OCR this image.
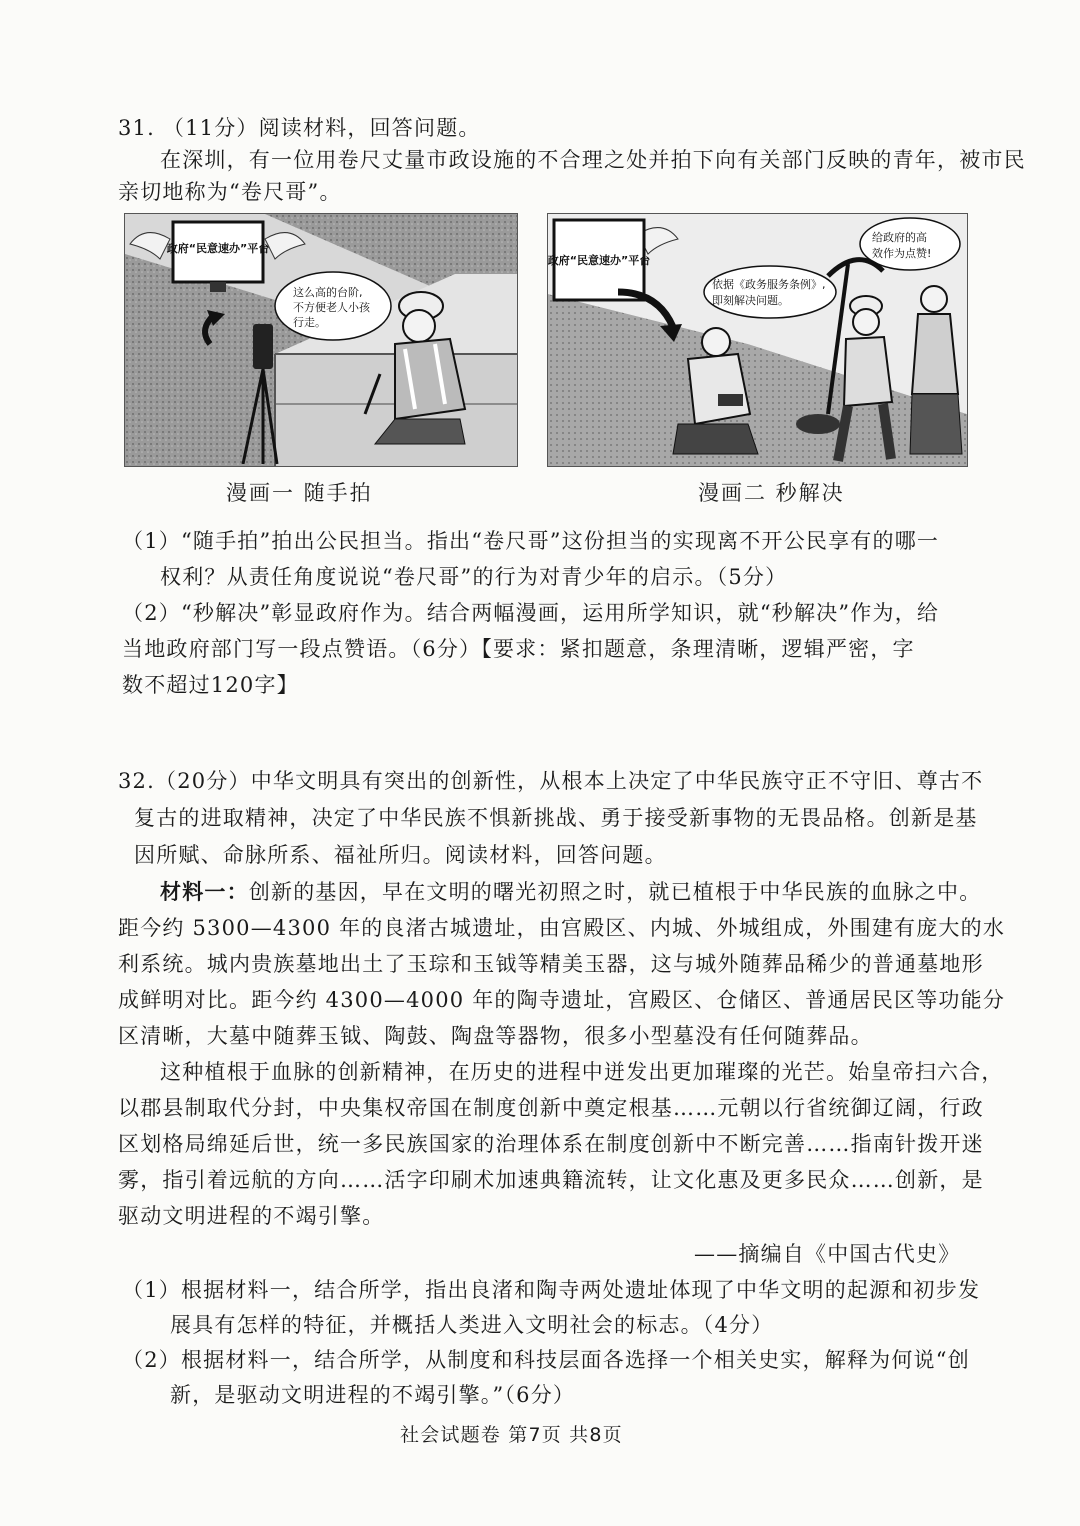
31. （11分）阅读材料，回答问题。
在深圳，有一位用卷尺丈量市政设施的不合理之处并拍下向有关部门反映的青年，被市民
亲切地称为“卷尺哥”。
政府“民意速办”平台
这么高的台阶,
不方便老人小孩
行走。
漫画一 随手拍
政府“民意速办”平台
依据《政务服务条例》,
即刻解决问题。
给政府的高
效作为点赞!
漫画二 秒解决
（1）“随手拍”拍出公民担当。指出“卷尺哥”这份担当的实现离不开公民享有的哪一
权利？从责任角度说说“卷尺哥”的行为对青少年的启示。（5分）
（2）“秒解决”彰显政府作为。结合两幅漫画，运用所学知识，就“秒解决”作为，给
当地政府部门写一段点赞语。（6分）【要求：紧扣题意，条理清晰，逻辑严密，字
数不超过120字】
32.（20分）中华文明具有突出的创新性，从根本上决定了中华民族守正不守旧、尊古不
复古的进取精神，决定了中华民族不惧新挑战、勇于接受新事物的无畏品格。创新是基
因所赋、命脉所系、福祉所归。阅读材料，回答问题。
材料一：创新的基因，早在文明的曙光初照之时，就已植根于中华民族的血脉之中。
距今约 5300—4300 年的良渚古城遗址，由宫殿区、内城、外城组成，外围建有庞大的水
利系统。城内贵族墓地出土了玉琮和玉钺等精美玉器，这与城外随葬品稀少的普通墓地形
成鲜明对比。距今约 4300—4000 年的陶寺遗址，宫殿区、仓储区、普通居民区等功能分
区清晰，大墓中随葬玉钺、陶鼓、陶盘等器物，很多小型墓没有任何随葬品。
这种植根于血脉的创新精神，在历史的进程中迸发出更加璀璨的光芒。始皇帝扫六合，
以郡县制取代分封，中央集权帝国在制度创新中奠定根基……元朝以行省统御辽阔，行政
区划格局绵延后世，统一多民族国家的治理体系在制度创新中不断完善……指南针拨开迷
雾，指引着远航的方向……活字印刷术加速典籍流转，让文化惠及更多民众……创新，是
驱动文明进程的不竭引擎。
——摘编自《中国古代史》
（1）根据材料一，结合所学，指出良渚和陶寺两处遗址体现了中华文明的起源和初步发
展具有怎样的特征，并概括人类进入文明社会的标志。（4分）
（2）根据材料一，结合所学，从制度和科技层面各选择一个相关史实，解释为何说“创
新，是驱动文明进程的不竭引擎。”（6分）
社会试题卷 第7页 共8页
